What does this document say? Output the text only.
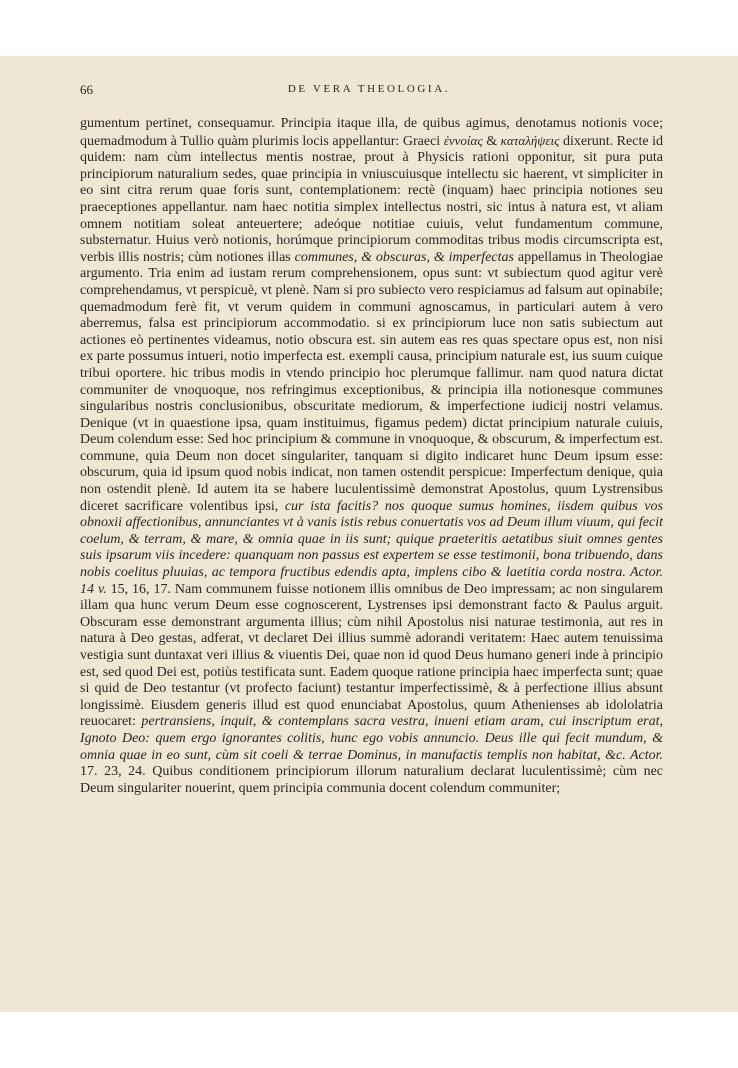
66	DE VERA THEOLOGIA.

gumentum pertinet, consequamur. Principia itaque illa, de quibus agimus, denotamus notionis voce; quemadmodum à Tullio quàm plurimis locis appellantur: Graeci ἐννοίας & καταλήψεις dixerunt. Recte id quidem: nam cùm intellectus mentis nostrae, prout à Physicis rationi opponitur, sit pura puta principiorum naturalium sedes, quae principia in vniuscuiusque intellectu sic haerent, vt simpliciter in eo sint citra rerum quae foris sunt, contemplationem: rectè (inquam) haec principia notiones seu praeceptiones appellantur. nam haec notitia simplex intellectus nostri, sic intus à natura est, vt aliam omnem notitiam soleat anteuertere; adeóque notitiae cuiuis, velut fundamentum commune, substernatur. Huius verò notionis, horúmque principiorum commoditas tribus modis circumscripta est, verbis illis nostris; cùm notiones illas communes, & obscuras, & imperfectas appellamus in Theologiae argumento. Tria enim ad iustam rerum comprehensionem, opus sunt: vt subiectum quod agitur verè comprehendamus, vt perspicuè, vt plenè. Nam si pro subiecto vero respiciamus ad falsum aut opinabile; quemadmodum ferè fit, vt verum quidem in communi agnoscamus, in particulari autem à vero aberremus, falsa est principiorum accommodatio. si ex principiorum luce non satis subiectum aut actiones eò pertinentes videamus, notio obscura est. sin autem eas res quas spectare opus est, non nisi ex parte possumus intueri, notio imperfecta est. exempli causa, principium naturale est, ius suum cuique tribui oportere. hic tribus modis in vtendo principio hoc plerumque fallimur. nam quod natura dictat communiter de vnoquoque, nos refringimus exceptionibus, & principia illa notionesque communes singularibus nostris conclusionibus, obscuritate mediorum, & imperfectione iudicij nostri velamus. Denique (vt in quaestione ipsa, quam instituimus, figamus pedem) dictat principium naturale cuiuis, Deum colendum esse: Sed hoc principium & commune in vnoquoque, & obscurum, & imperfectum est. commune, quia Deum non docet singulariter, tanquam si digito indicaret hunc Deum ipsum esse: obscurum, quia id ipsum quod nobis indicat, non tamen ostendit perspicue: Imperfectum denique, quia non ostendit plenè. Id autem ita se habere luculentissimè demonstrat Apostolus, quum Lystrensibus diceret sacrificare volentibus ipsi, cur ista facitis? nos quoque sumus homines, iisdem quibus vos obnoxii affectionibus, annunciantes vt à vanis istis rebus conuertatis vos ad Deum illum viuum, qui fecit coelum, & terram, & mare, & omnia quae in iis sunt; quique praeteritis aetatibus siuit omnes gentes suis ipsarum viis incedere: quanquam non passus est expertem se esse testimonii, bona tribuendo, dans nobis coelitus pluuias, ac tempora fructibus edendis apta, implens cibo & laetitia corda nostra. Actor. 14 v. 15, 16, 17. Nam communem fuisse notionem illis omnibus de Deo impressam; ac non singularem illam qua hunc verum Deum esse cognoscerent, Lystrenses ipsi demonstrant facto & Paulus arguit. Obscuram esse demonstrant argumenta illius; cùm nihil Apostolus nisi naturae testimonia, aut res in natura à Deo gestas, adferat, vt declaret Dei illius summè adorandi veritatem: Haec autem tenuissima vestigia sunt duntaxat veri illius & viuentis Dei, quae non id quod Deus humano generi inde à principio est, sed quod Dei est, potiùs testificata sunt. Eadem quoque ratione principia haec imperfecta sunt; quae si quid de Deo testantur (vt profecto faciunt) testantur imperfectissimè, & à perfectione illius absunt longissimè. Eiusdem generis illud est quod enunciabat Apostolus, quum Athenienses ab idololatria reuocaret: pertransiens, inquit, & contemplans sacra vestra, inueni etiam aram, cui inscriptum erat, Ignoto Deo: quem ergo ignorantes colitis, hunc ego vobis annuncio. Deus ille qui fecit mundum, & omnia quae in eo sunt, cùm sit coeli & terrae Dominus, in manufactis templis non habitat, &c. Actor. 17. 23, 24. Quibus conditionem principiorum illorum naturalium declarat luculentissimè; cùm nec Deum singulariter nouerint, quem principia communia docent colendum communiter;
